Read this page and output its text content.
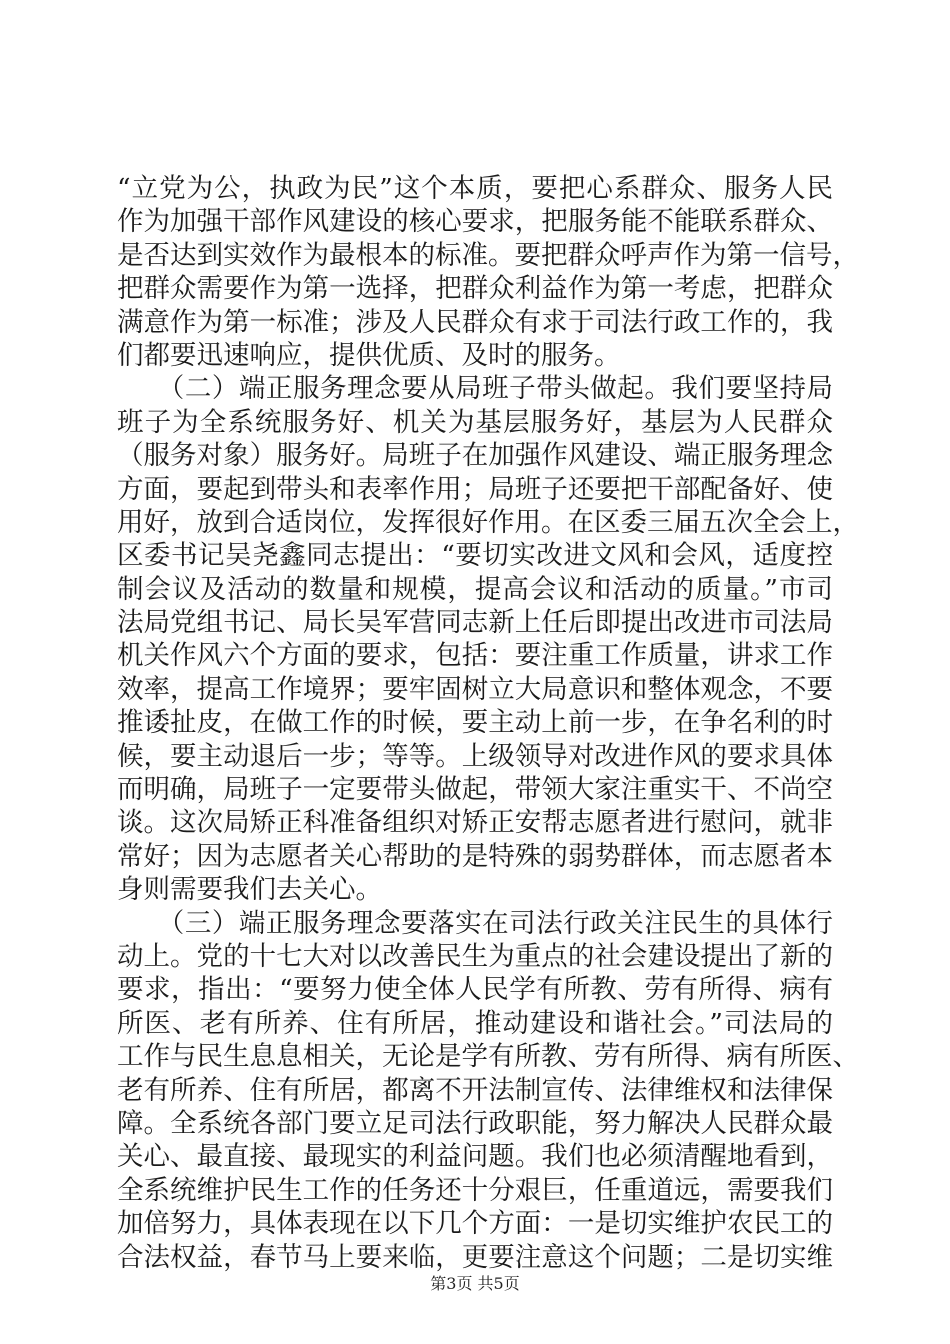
“立党为公，执政为民”这个本质，要把心系群众、服务人民
作为加强干部作风建设的核心要求，把服务能不能联系群众、
是否达到实效作为最根本的标准。要把群众呼声作为第一信号，
把群众需要作为第一选择，把群众利益作为第一考虑，把群众
满意作为第一标准；涉及人民群众有求于司法行政工作的，我
们都要迅速响应，提供优质、及时的服务。
　　（二）端正服务理念要从局班子带头做起。我们要坚持局
班子为全系统服务好、机关为基层服务好，基层为人民群众
（服务对象）服务好。局班子在加强作风建设、端正服务理念
方面，要起到带头和表率作用；局班子还要把干部配备好、使
用好，放到合适岗位，发挥很好作用。在区委三届五次全会上，
区委书记吴尧鑫同志提出：“要切实改进文风和会风，适度控
制会议及活动的数量和规模，提高会议和活动的质量。”市司
法局党组书记、局长吴军营同志新上任后即提出改进市司法局
机关作风六个方面的要求，包括：要注重工作质量，讲求工作
效率，提高工作境界；要牢固树立大局意识和整体观念，不要
推诿扯皮，在做工作的时候，要主动上前一步，在争名利的时
候，要主动退后一步；等等。上级领导对改进作风的要求具体
而明确，局班子一定要带头做起，带领大家注重实干、不尚空
谈。这次局矫正科准备组织对矫正安帮志愿者进行慰问，就非
常好；因为志愿者关心帮助的是特殊的弱势群体，而志愿者本
身则需要我们去关心。
　　（三）端正服务理念要落实在司法行政关注民生的具体行
动上。党的十七大对以改善民生为重点的社会建设提出了新的
要求，指出：“要努力使全体人民学有所教、劳有所得、病有
所医、老有所养、住有所居，推动建设和谐社会。”司法局的
工作与民生息息相关，无论是学有所教、劳有所得、病有所医、
老有所养、住有所居，都离不开法制宣传、法律维权和法律保
障。全系统各部门要立足司法行政职能，努力解决人民群众最
关心、最直接、最现实的利益问题。我们也必须清醒地看到，
全系统维护民生工作的任务还十分艰巨，任重道远，需要我们
加倍努力，具体表现在以下几个方面：一是切实维护农民工的
合法权益，春节马上要来临，更要注意这个问题；二是切实维
第3页 共5页
